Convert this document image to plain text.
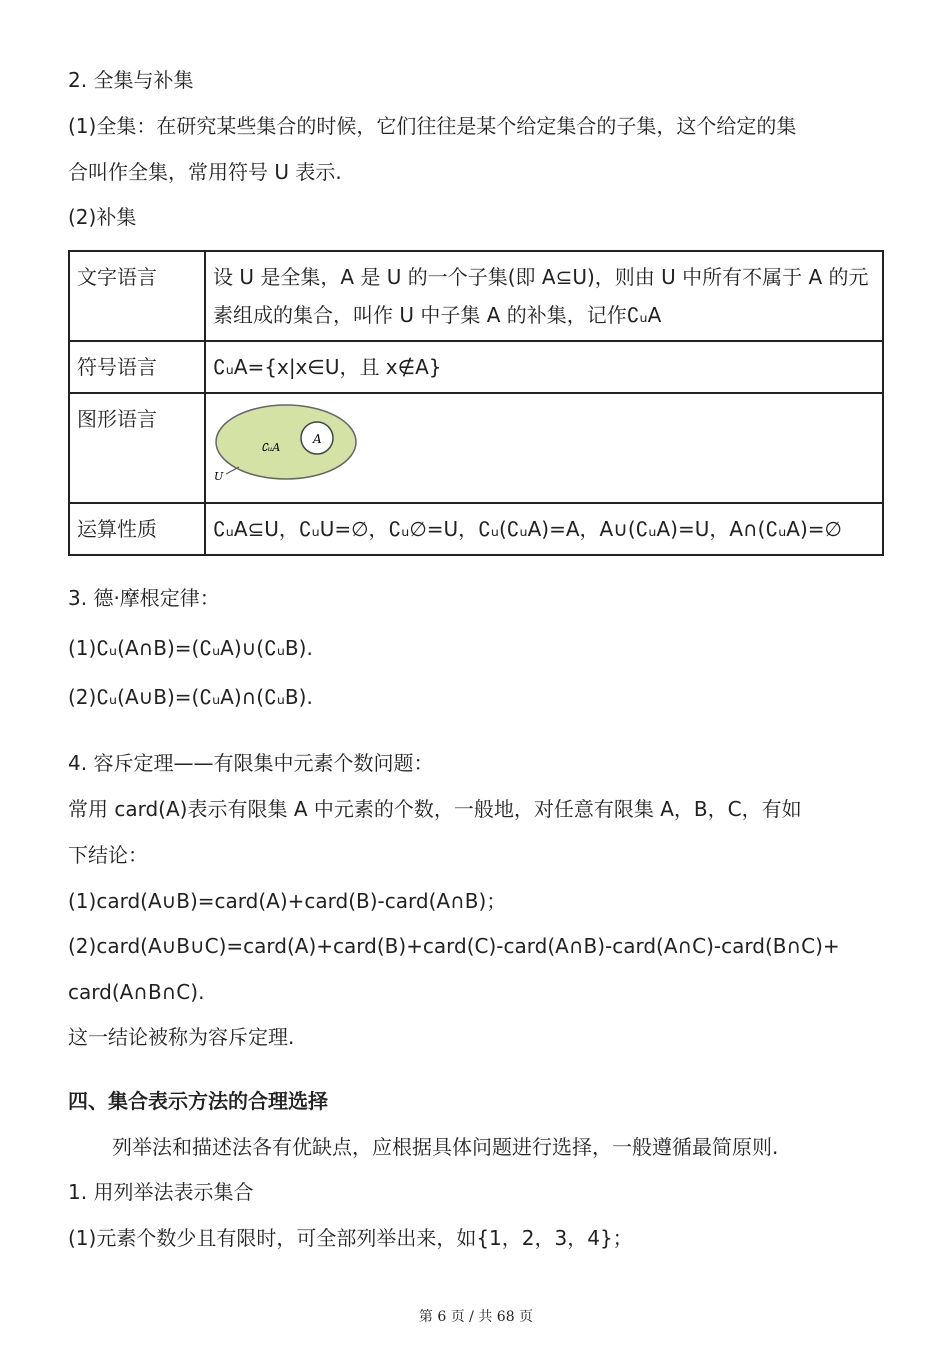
2. 全集与补集
(1)全集：在研究某些集合的时候，它们往往是某个给定集合的子集，这个给定的集
合叫作全集，常用符号 U 表示.
(2)补集
文字语言	设 U 是全集，A 是 U 的一个子集(即 A⊆U)，则由 U 中所有不属于 A 的元素组成的集合，叫作 U 中子集 A 的补集，记作∁ᵤA
符号语言	∁ᵤA={x|x∈U，且 x∉A}
图形语言	A
∁ᵤA
U

运算性质	∁ᵤA⊆U，∁ᵤU=∅，∁ᵤ∅=U，∁ᵤ(∁ᵤA)=A，A∪(∁ᵤA)=U，A∩(∁ᵤA)=∅
3. 德·摩根定律：
(1)∁ᵤ(A∩B)=(∁ᵤA)∪(∁ᵤB).
(2)∁ᵤ(A∪B)=(∁ᵤA)∩(∁ᵤB).
4. 容斥定理——有限集中元素个数问题：
常用 card(A)表示有限集 A 中元素的个数，一般地，对任意有限集 A，B，C，有如
下结论：
(1)card(A∪B)=card(A)+card(B)-card(A∩B)；
(2)card(A∪B∪C)=card(A)+card(B)+card(C)-card(A∩B)-card(A∩C)-card(B∩C)+
card(A∩B∩C).
这一结论被称为容斥定理.
四、集合表示方法的合理选择
列举法和描述法各有优缺点，应根据具体问题进行选择，一般遵循最简原则.
1. 用列举法表示集合
(1)元素个数少且有限时，可全部列举出来，如{1，2，3，4}；
第 6 页 / 共 68 页
